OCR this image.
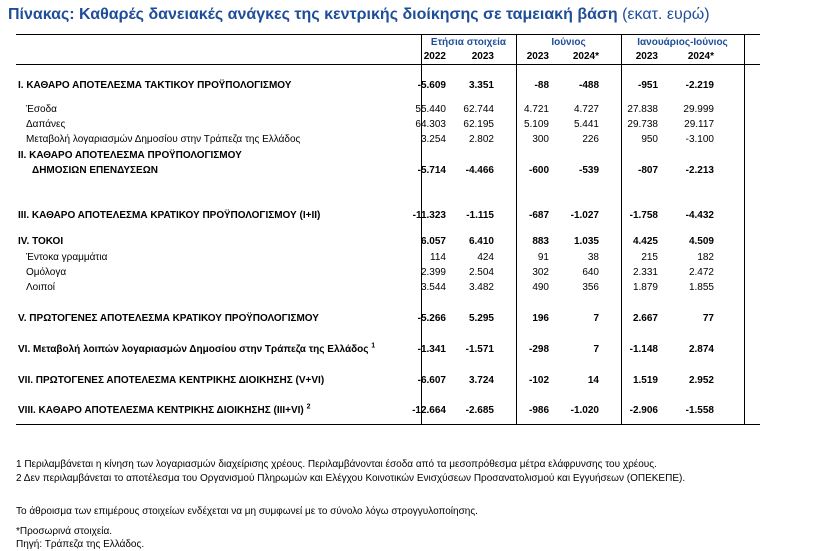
Πίνακας: Καθαρές δανειακές ανάγκες της κεντρικής διοίκησης σε ταμειακή βάση (εκατ. ευρώ)
Ετήσια στοιχεία	Ιούνιος	Ιανουάριος-Ιούνιος
2022	2023	2023	2024*	2023	2024*
I. ΚΑΘΑΡΟ ΑΠΟΤΕΛΕΣΜΑ ΤΑΚΤΙΚΟΥ ΠΡΟΫΠΟΛΟΓΙΣΜΟΥ	-5.609	3.351	-88	-488	-951	-2.219
Έσοδα	55.440	62.744	4.721	4.727	27.838	29.999
Δαπάνες	64.303	62.195	5.109	5.441	29.738	29.117
Μεταβολή λογαριασμών Δημοσίου στην Τράπεζα της Ελλάδος	3.254	2.802	300	226	950	-3.100
II. ΚΑΘΑΡΟ ΑΠΟΤΕΛΕΣΜΑ ΠΡΟΫΠΟΛΟΓΙΣΜΟΥ
ΔΗΜΟΣΙΩΝ ΕΠΕΝΔΥΣΕΩΝ	-5.714	-4.466	-600	-539	-807	-2.213
III. ΚΑΘΑΡΟ ΑΠΟΤΕΛΕΣΜΑ ΚΡΑΤΙΚΟΥ ΠΡΟΫΠΟΛΟΓΙΣΜΟΥ (I+II)	-11.323	-1.115	-687	-1.027	-1.758	-4.432
IV. ΤΟΚΟΙ	6.057	6.410	883	1.035	4.425	4.509
Έντοκα γραμμάτια	114	424	91	38	215	182
Ομόλογα	2.399	2.504	302	640	2.331	2.472
Λοιποί	3.544	3.482	490	356	1.879	1.855
V. ΠΡΩΤΟΓΕΝΕΣ ΑΠΟΤΕΛΕΣΜΑ ΚΡΑΤΙΚΟΥ ΠΡΟΫΠΟΛΟΓΙΣΜΟΥ	-5.266	5.295	196	7	2.667	77
VI. Μεταβολή λοιπών λογαριασμών Δημοσίου στην Τράπεζα της Ελλάδος $^1$	-1.341	-1.571	-298	7	-1.148	2.874
VII. ΠΡΩΤΟΓΕΝΕΣ ΑΠΟΤΕΛΕΣΜΑ ΚΕΝΤΡΙΚΗΣ ΔΙΟΙΚΗΣΗΣ (V+VI)	-6.607	3.724	-102	14	1.519	2.952
VIII. ΚΑΘΑΡΟ ΑΠΟΤΕΛΕΣΜΑ ΚΕΝΤΡΙΚΗΣ ΔΙΟΙΚΗΣΗΣ (III+VI) $^2$	-12.664	-2.685	-986	-1.020	-2.906	-1.558
1 Περιλαμβάνεται η κίνηση των λογαριασμών διαχείρισης χρέους. Περιλαμβάνονται έσοδα από τα μεσοπρόθεσμα μέτρα ελάφρυνσης του χρέους.
2 Δεν περιλαμβάνεται το αποτέλεσμα του Οργανισμού Πληρωμών και Ελέγχου Κοινοτικών Ενισχύσεων Προσανατολισμού και Εγγυήσεων (ΟΠΕΚΕΠΕ).
Το άθροισμα των επιμέρους στοιχείων ενδέχεται να μη συμφωνεί με το σύνολο λόγω στρογγυλοποίησης.
*Προσωρινά στοιχεία.
Πηγή: Τράπεζα της Ελλάδος.
